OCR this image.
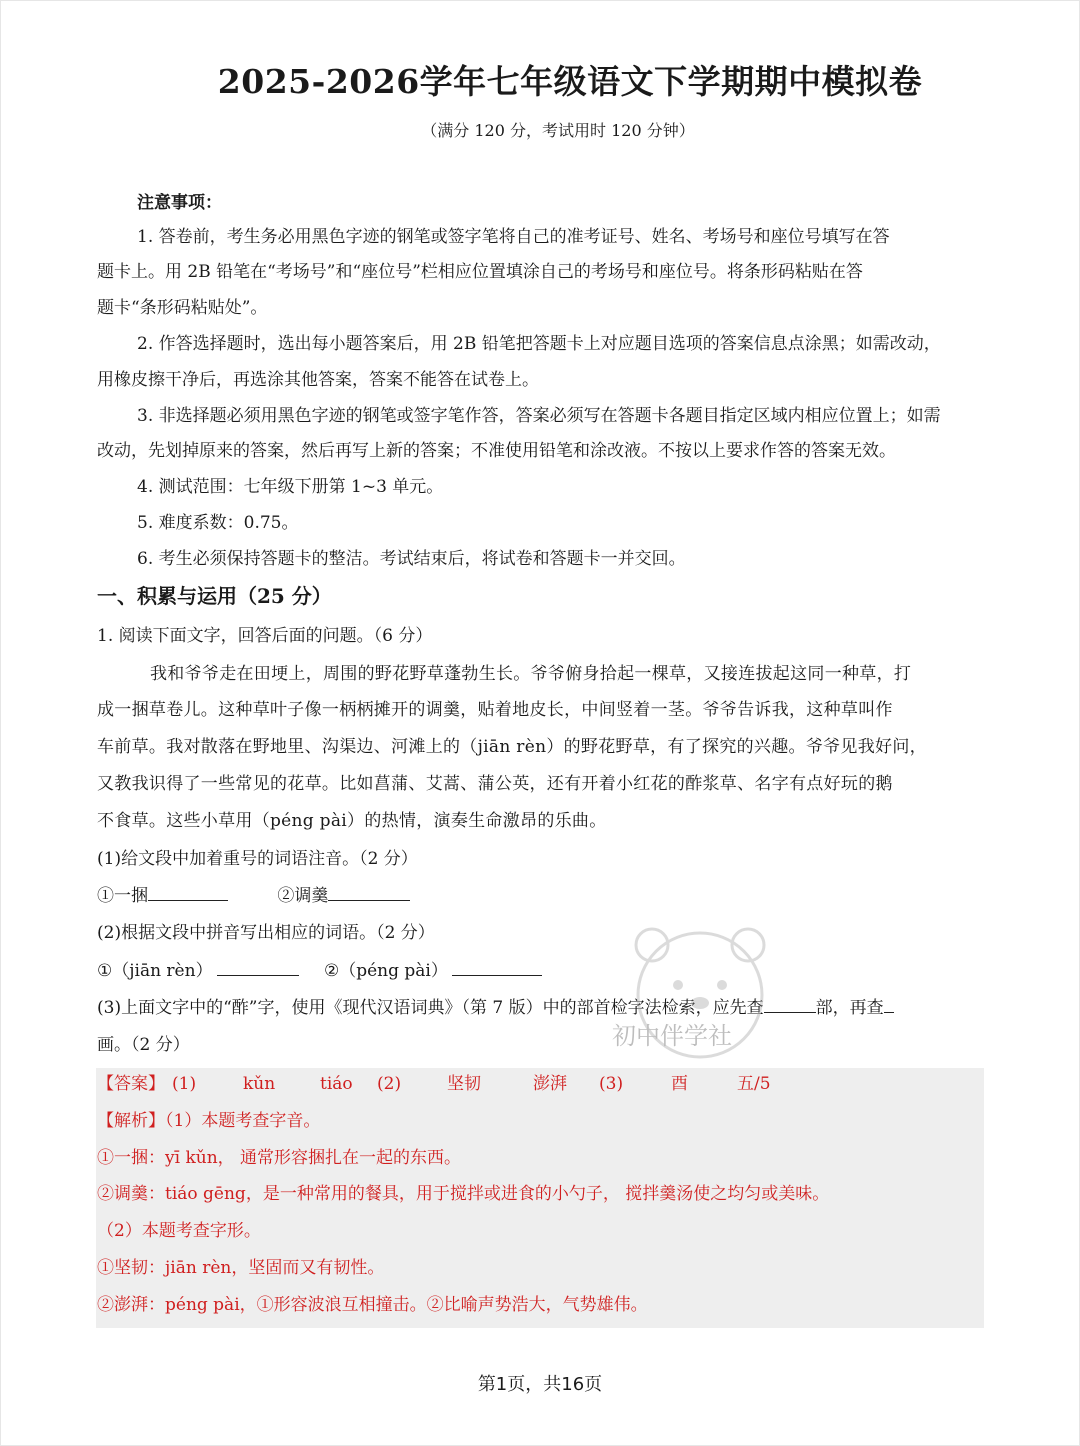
2025-2026学年七年级语文下学期期中模拟卷
（满分 120 分，考试用时 120 分钟）
注意事项：
1. 答卷前，考生务必用黑色字迹的钢笔或签字笔将自己的准考证号、姓名、考场号和座位号填写在答
题卡上。用 2B 铅笔在“考场号”和“座位号”栏相应位置填涂自己的考场号和座位号。将条形码粘贴在答
题卡“条形码粘贴处”。
2. 作答选择题时，选出每小题答案后，用 2B 铅笔把答题卡上对应题目选项的答案信息点涂黑；如需改动，
用橡皮擦干净后，再选涂其他答案，答案不能答在试卷上。
3. 非选择题必须用黑色字迹的钢笔或签字笔作答，答案必须写在答题卡各题目指定区域内相应位置上；如需
改动，先划掉原来的答案，然后再写上新的答案；不准使用铅笔和涂改液。不按以上要求作答的答案无效。
4. 测试范围：七年级下册第 1~3 单元。
5. 难度系数：0.75。
6. 考生必须保持答题卡的整洁。考试结束后，将试卷和答题卡一并交回。
一、积累与运用（25 分）
1. 阅读下面文字，回答后面的问题。（6 分）
我和爷爷走在田埂上，周围的野花野草蓬勃生长。爷爷俯身拾起一棵草，又接连拔起这同一种草，打
成一捆草卷儿。这种草叶子像一柄柄摊开的调羹，贴着地皮长，中间竖着一茎。爷爷告诉我，这种草叫作
车前草。我对散落在野地里、沟渠边、河滩上的（jiān rèn）的野花野草，有了探究的兴趣。爷爷见我好问，
又教我识得了一些常见的花草。比如菖蒲、艾蒿、蒲公英，还有开着小红花的酢浆草、名字有点好玩的鹅
不食草。这些小草用（péng pài）的热情，演奏生命激昂的乐曲。
(1)给文段中加着重号的词语注音。（2 分）
①一捆	②调羹
(2)根据文段中拼音写出相应的词语。（2 分）
①（jiān rèn）	②（péng pài）
(3)上面文字中的“酢”字，使用《现代汉语词典》（第 7 版）中的部首检字法检索，应先查	部，再查
画。（2 分）	初中伴学社
【答案】 (1)	kǔn	tiáo (2)	坚韧	澎湃 (3)	酉	五/5
【解析】（1）本题考查字音。
①一捆：yī kǔn， 通常形容捆扎在一起的东西。
②调羹：tiáo gēng，是一种常用的餐具，用于搅拌或进食的小勺子， 搅拌羹汤使之均匀或美味。
（2）本题考查字形。
①坚韧：jiān rèn，坚固而又有韧性。
②澎湃：péng pài，①形容波浪互相撞击。②比喻声势浩大，气势雄伟。
第1页，共16页
